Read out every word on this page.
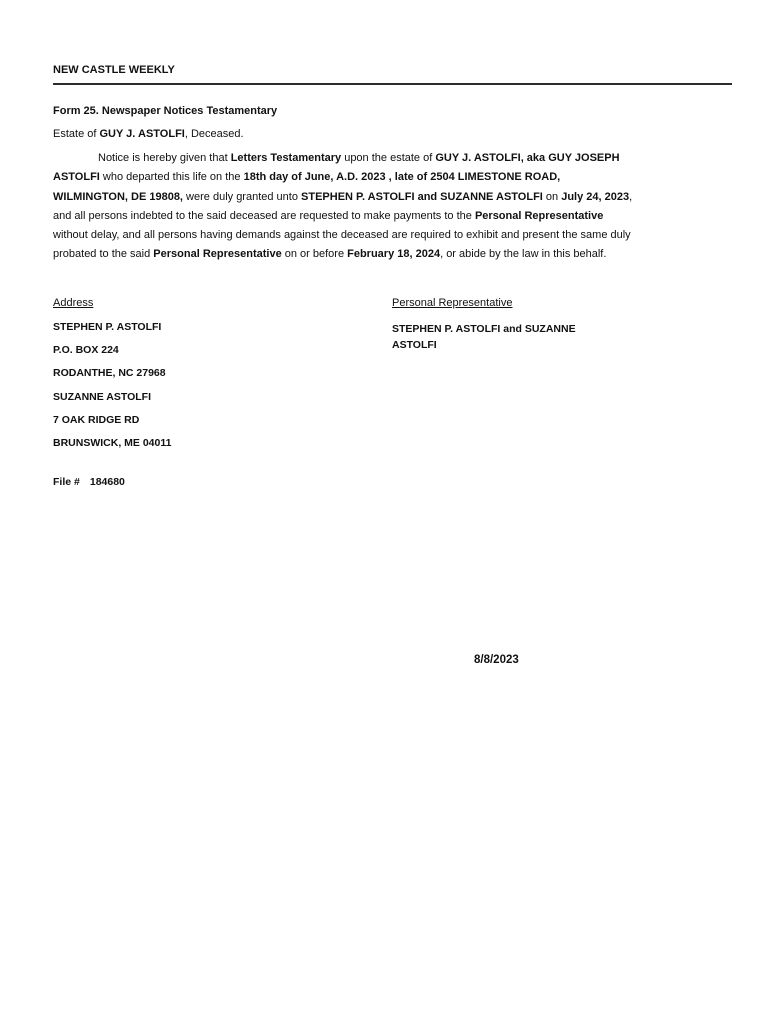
NEW CASTLE WEEKLY
Form 25. Newspaper Notices Testamentary
Estate of GUY J. ASTOLFI, Deceased.
Notice is hereby given that Letters Testamentary upon the estate of GUY J. ASTOLFI, aka GUY JOSEPH ASTOLFI who departed this life on the 18th day of June, A.D. 2023 , late of 2504 LIMESTONE ROAD, WILMINGTON, DE 19808, were duly granted unto STEPHEN P. ASTOLFI and SUZANNE ASTOLFI on July 24, 2023, and all persons indebted to the said deceased are requested to make payments to the Personal Representative without delay, and all persons having demands against the deceased are required to exhibit and present the same duly probated to the said Personal Representative on or before February 18, 2024, or abide by the law in this behalf.
Address	Personal Representative
STEPHEN P. ASTOLFI
P.O. BOX 224
RODANTHE, NC 27968
SUZANNE ASTOLFI
7 OAK RIDGE RD
BRUNSWICK, ME 04011
STEPHEN P. ASTOLFI and SUZANNE ASTOLFI
File # 184680
8/8/2023
